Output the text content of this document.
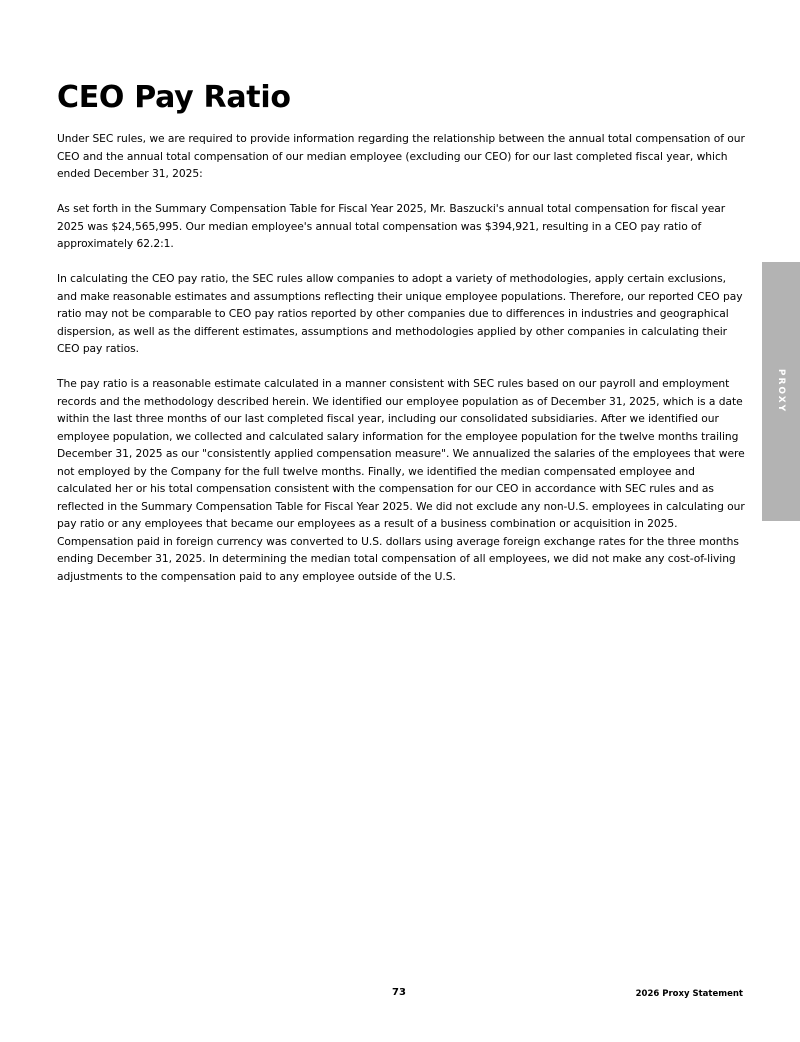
CEO Pay Ratio

Under SEC rules, we are required to provide information regarding the relationship between the annual total compensation of our CEO and the annual total compensation of our median employee (excluding our CEO) for our last completed fiscal year, which ended December 31, 2025:

As set forth in the Summary Compensation Table for Fiscal Year 2025, Mr. Baszucki's annual total compensation for fiscal year 2025 was $24,565,995. Our median employee's annual total compensation was $394,921, resulting in a CEO pay ratio of approximately 62.2:1.

In calculating the CEO pay ratio, the SEC rules allow companies to adopt a variety of methodologies, apply certain exclusions, and make reasonable estimates and assumptions reflecting their unique employee populations. Therefore, our reported CEO pay ratio may not be comparable to CEO pay ratios reported by other companies due to differences in industries and geographical dispersion, as well as the different estimates, assumptions and methodologies applied by other companies in calculating their CEO pay ratios.

The pay ratio is a reasonable estimate calculated in a manner consistent with SEC rules based on our payroll and employment records and the methodology described herein. We identified our employee population as of December 31, 2025, which is a date within the last three months of our last completed fiscal year, including our consolidated subsidiaries. After we identified our employee population, we collected and calculated salary information for the employee population for the twelve months trailing December 31, 2025 as our "consistently applied compensation measure". We annualized the salaries of the employees that were not employed by the Company for the full twelve months. Finally, we identified the median compensated employee and calculated her or his total compensation consistent with the compensation for our CEO in accordance with SEC rules and as reflected in the Summary Compensation Table for Fiscal Year 2025. We did not exclude any non-U.S. employees in calculating our pay ratio or any employees that became our employees as a result of a business combination or acquisition in 2025. Compensation paid in foreign currency was converted to U.S. dollars using average foreign exchange rates for the three months ending December 31, 2025. In determining the median total compensation of all employees, we did not make any cost-of-living adjustments to the compensation paid to any employee outside of the U.S.

PROXY
73	2026 Proxy Statement
